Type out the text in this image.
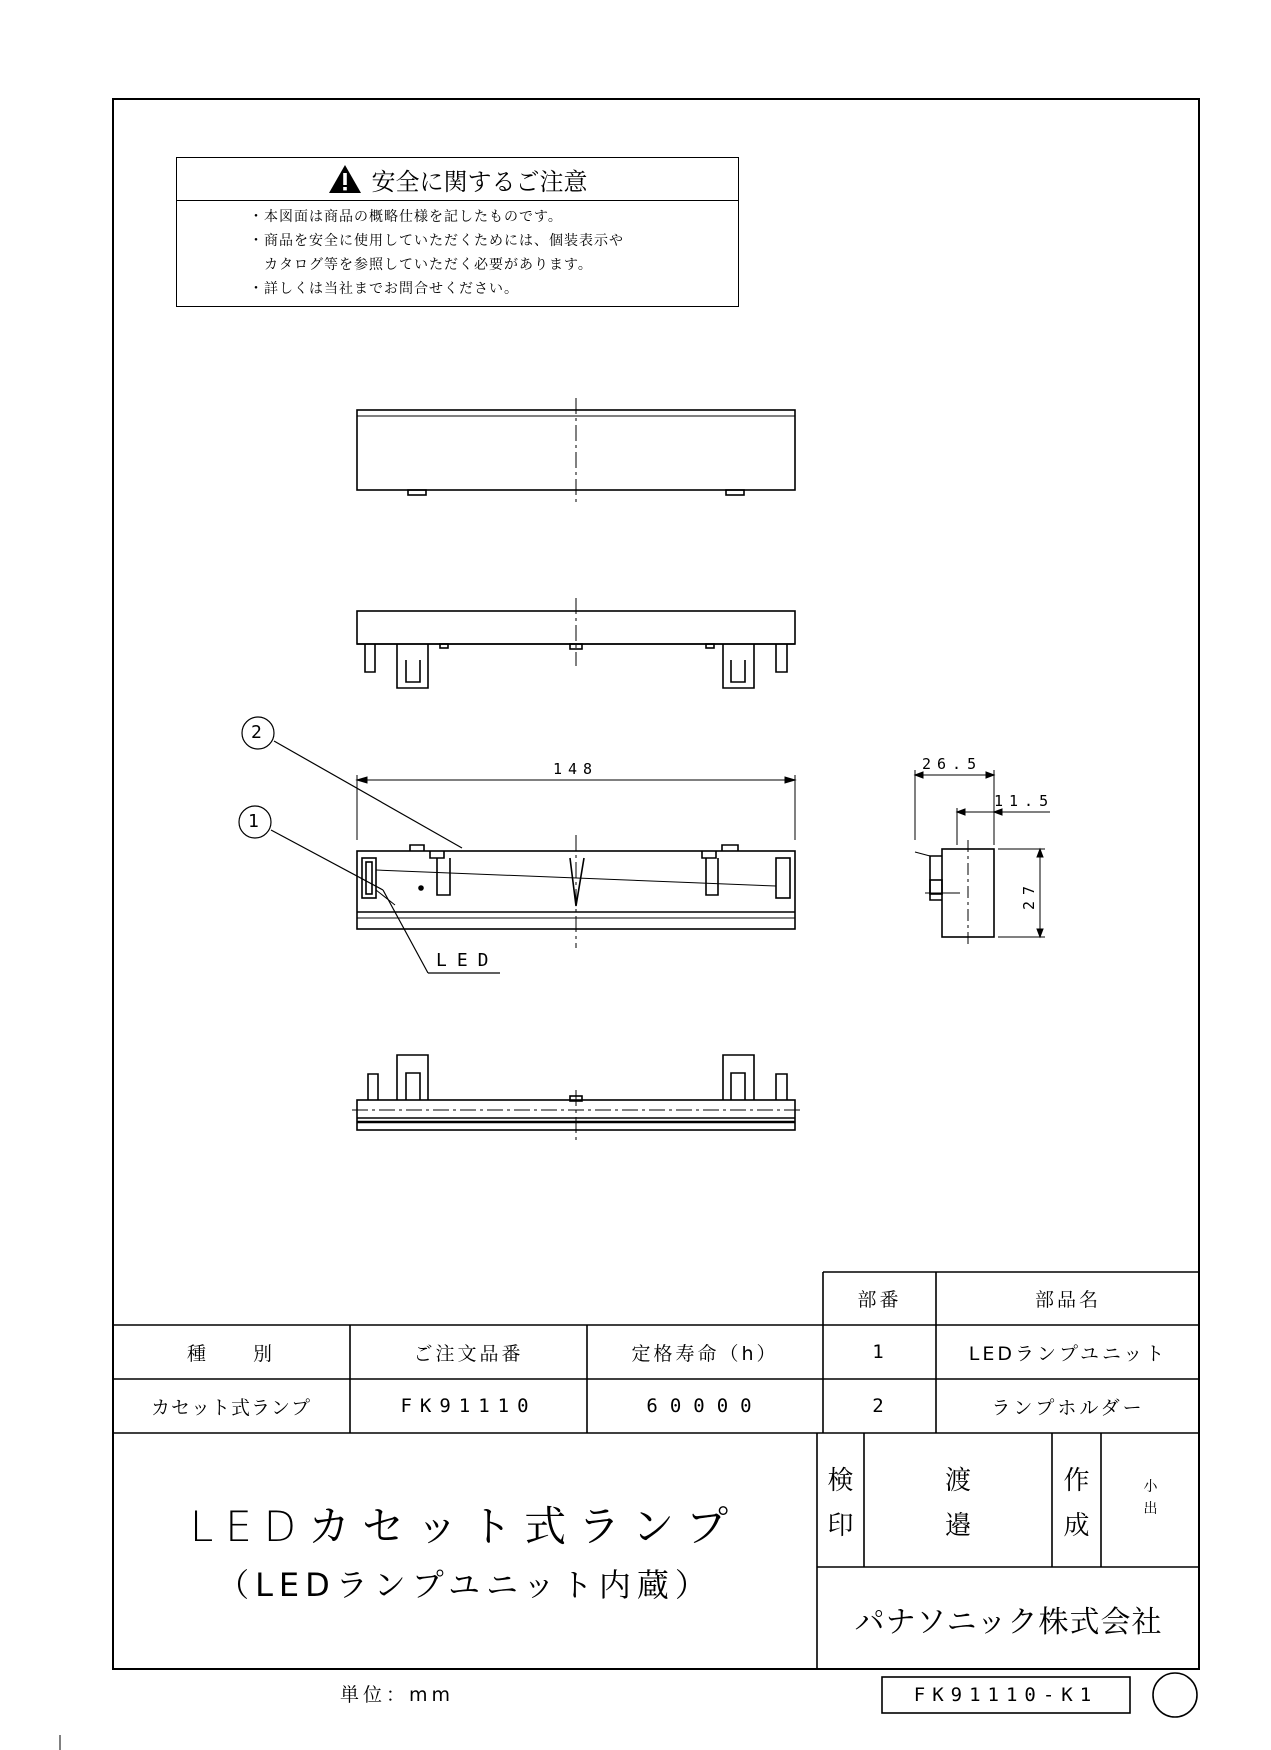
安全に関するご注意
・本図面は商品の概略仕様を記したものです。
・商品を安全に使用していただくためには、個装表示や
　カタログ等を参照していただく必要があります。
・詳しくは当社までお問合せください。
2
1
148
LED
26.5
11.5
27
部番	部品名
1	LEDランプユニット
2	ランプホルダー
種　　別	ご注文品番	定格寿命（h）
カセット式ランプ	FK91110	60000
LEDカセット式ランプ
（LEDランプユニット内蔵）
検
印
渡
邉
作
成
小
出
パナソニック株式会社
単位：mm	FK91110-K1
